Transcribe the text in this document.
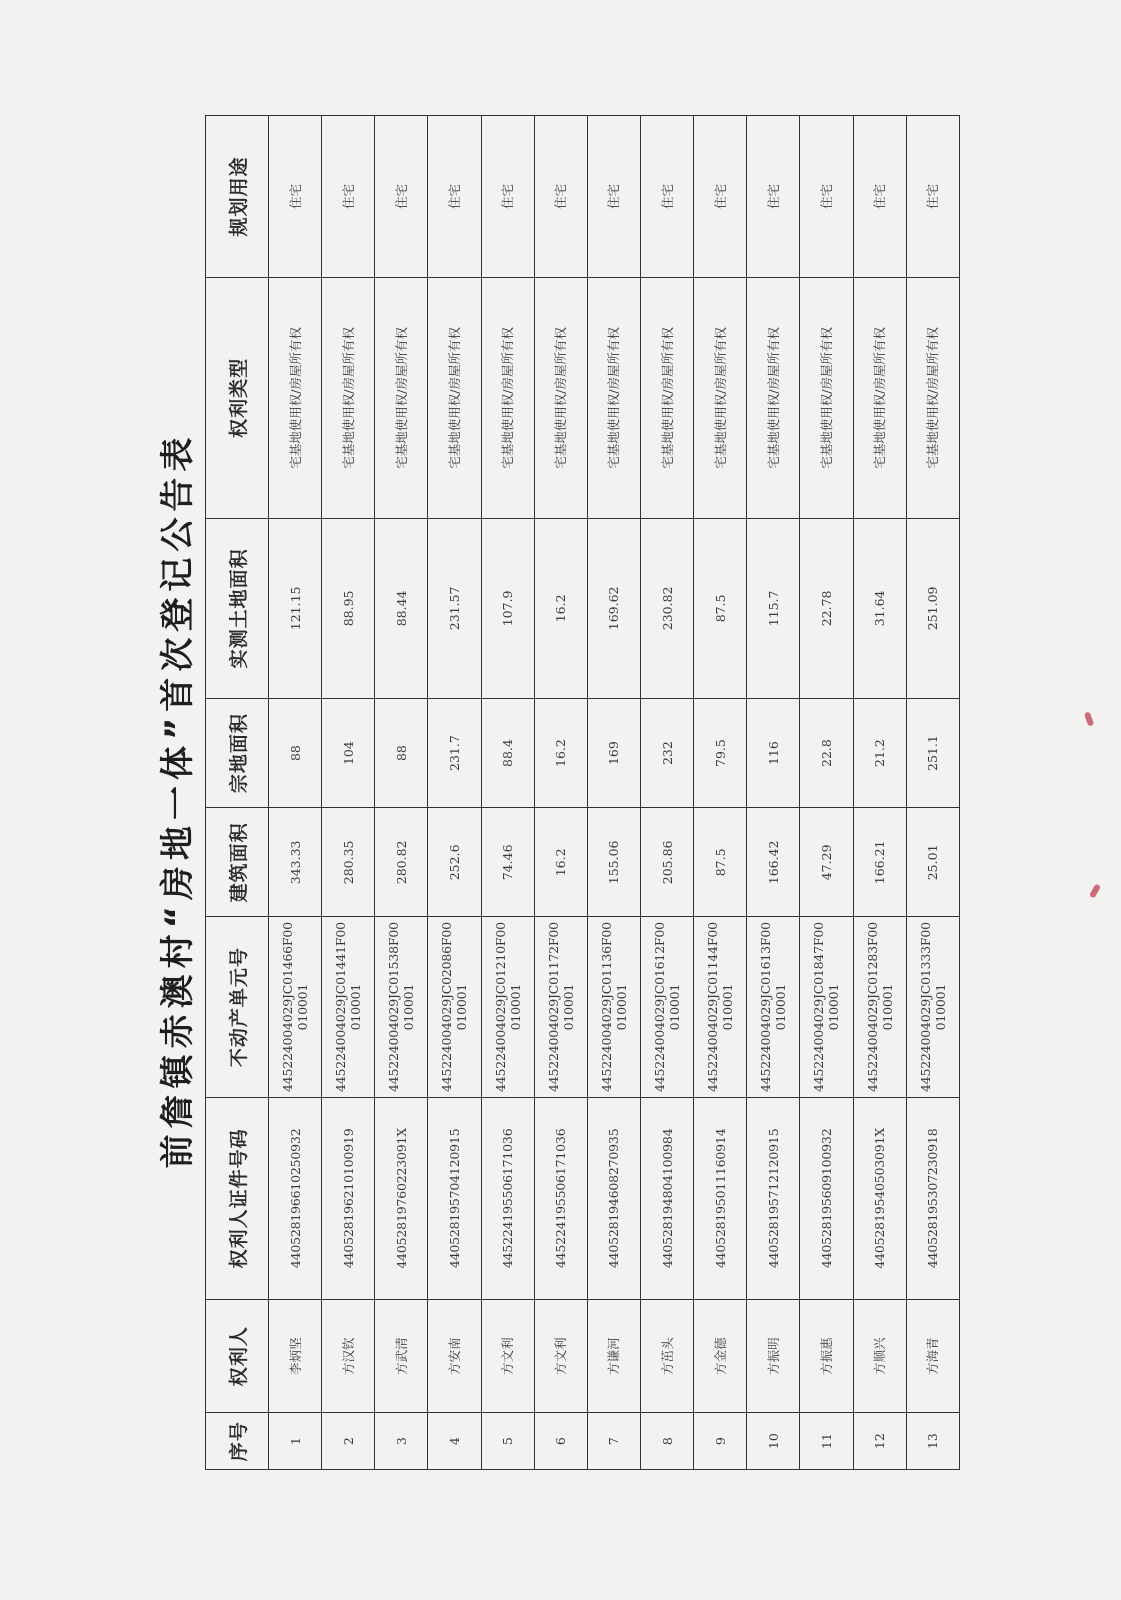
前詹镇赤澳村“房地一体”首次登记公告表
序号	权利人	权利人证件号码	不动产单元号	建筑面积	宗地面积	实测土地面积	权利类型	规划用途
1	李炳坚	440528196610250932	445224004029JC01466F00010001	343.33	88	121.15	宅基地使用权/房屋所有权	住宅
2	方汉钦	440528196210100919	445224004029JC01441F00010001	280.35	104	88.95	宅基地使用权/房屋所有权	住宅
3	方武清	44052819760223091X	445224004029JC01538F00010001	280.82	88	88.44	宅基地使用权/房屋所有权	住宅
4	方安南	440528195704120915	445224004029JC02086F00010001	252.6	231.7	231.57	宅基地使用权/房屋所有权	住宅
5	方文利	445224195506171036	445224004029JC01210F00010001	74.46	88.4	107.9	宅基地使用权/房屋所有权	住宅
6	方文利	445224195506171036	445224004029JC01172F00010001	16.2	16.2	16.2	宅基地使用权/房屋所有权	住宅
7	方谦河	440528194608270935	445224004029JC01136F00010001	155.06	169	169.62	宅基地使用权/房屋所有权	住宅
8	方茁头	440528194804100984	445224004029JC01612F00010001	205.86	232	230.82	宅基地使用权/房屋所有权	住宅
9	方金德	440528195011160914	445224004029JC01144F00010001	87.5	79.5	87.5	宅基地使用权/房屋所有权	住宅
10	方振明	440528195712120915	445224004029JC01613F00010001	166.42	116	115.7	宅基地使用权/房屋所有权	住宅
11	方振惠	440528195609100932	445224004029JC01847F00010001	47.29	22.8	22.78	宅基地使用权/房屋所有权	住宅
12	方顺兴	44052819540503091X	445224004029JC01283F00010001	166.21	21.2	31.64	宅基地使用权/房屋所有权	住宅
13	方海青	440528195307230918	445224004029JC01333F00010001	25.01	251.1	251.09	宅基地使用权/房屋所有权	住宅
